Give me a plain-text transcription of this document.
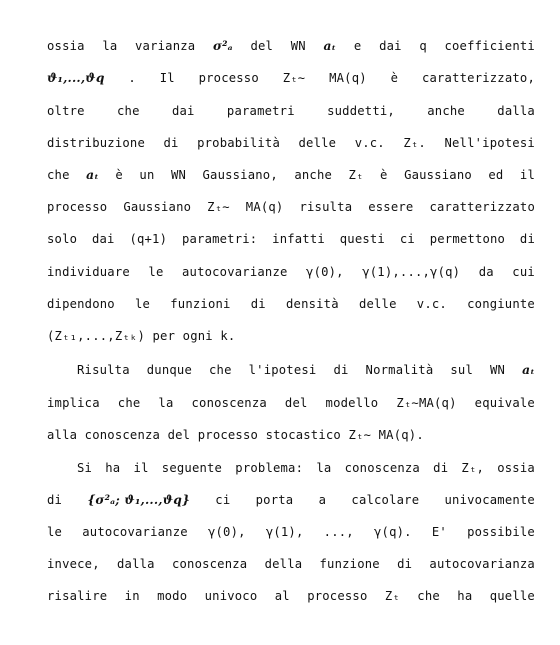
ossia la varianza σ²ₐ del WN aₜ e dai q coefficienti
ϑ₁,...,ϑq . Il processo Zₜ∼ MA(q) è caratterizzato,
oltre	che	dai	parametri	suddetti,	anche	dalla
distribuzione di probabilità delle v.c. Zₜ. Nell'ipotesi
che aₜ è un WN Gaussiano, anche Zₜ è Gaussiano ed il
processo Gaussiano Zₜ∼ MA(q) risulta essere caratterizzato
solo dai (q+1) parametri: infatti questi ci permettono di
individuare le autocovarianze γ(0), γ(1),...,γ(q) da cui
dipendono le funzioni di densità delle v.c. congiunte
(Zₜ₁,...,Zₜₖ) per ogni k.
Risulta dunque che l'ipotesi di Normalità sul WN aₜ
implica che la conoscenza del modello Zₜ∼MA(q) equivale
alla conoscenza del processo stocastico Zₜ∼ MA(q).
Si ha il seguente problema: la conoscenza di Zₜ, ossia
di {σ²ₐ; ϑ₁,...,ϑq} ci porta a calcolare univocamente
le autocovarianze γ(0), γ(1), ..., γ(q). E' possibile
invece, dalla conoscenza della funzione di autocovarianza
risalire in modo univoco al processo Zₜ che ha quelle
